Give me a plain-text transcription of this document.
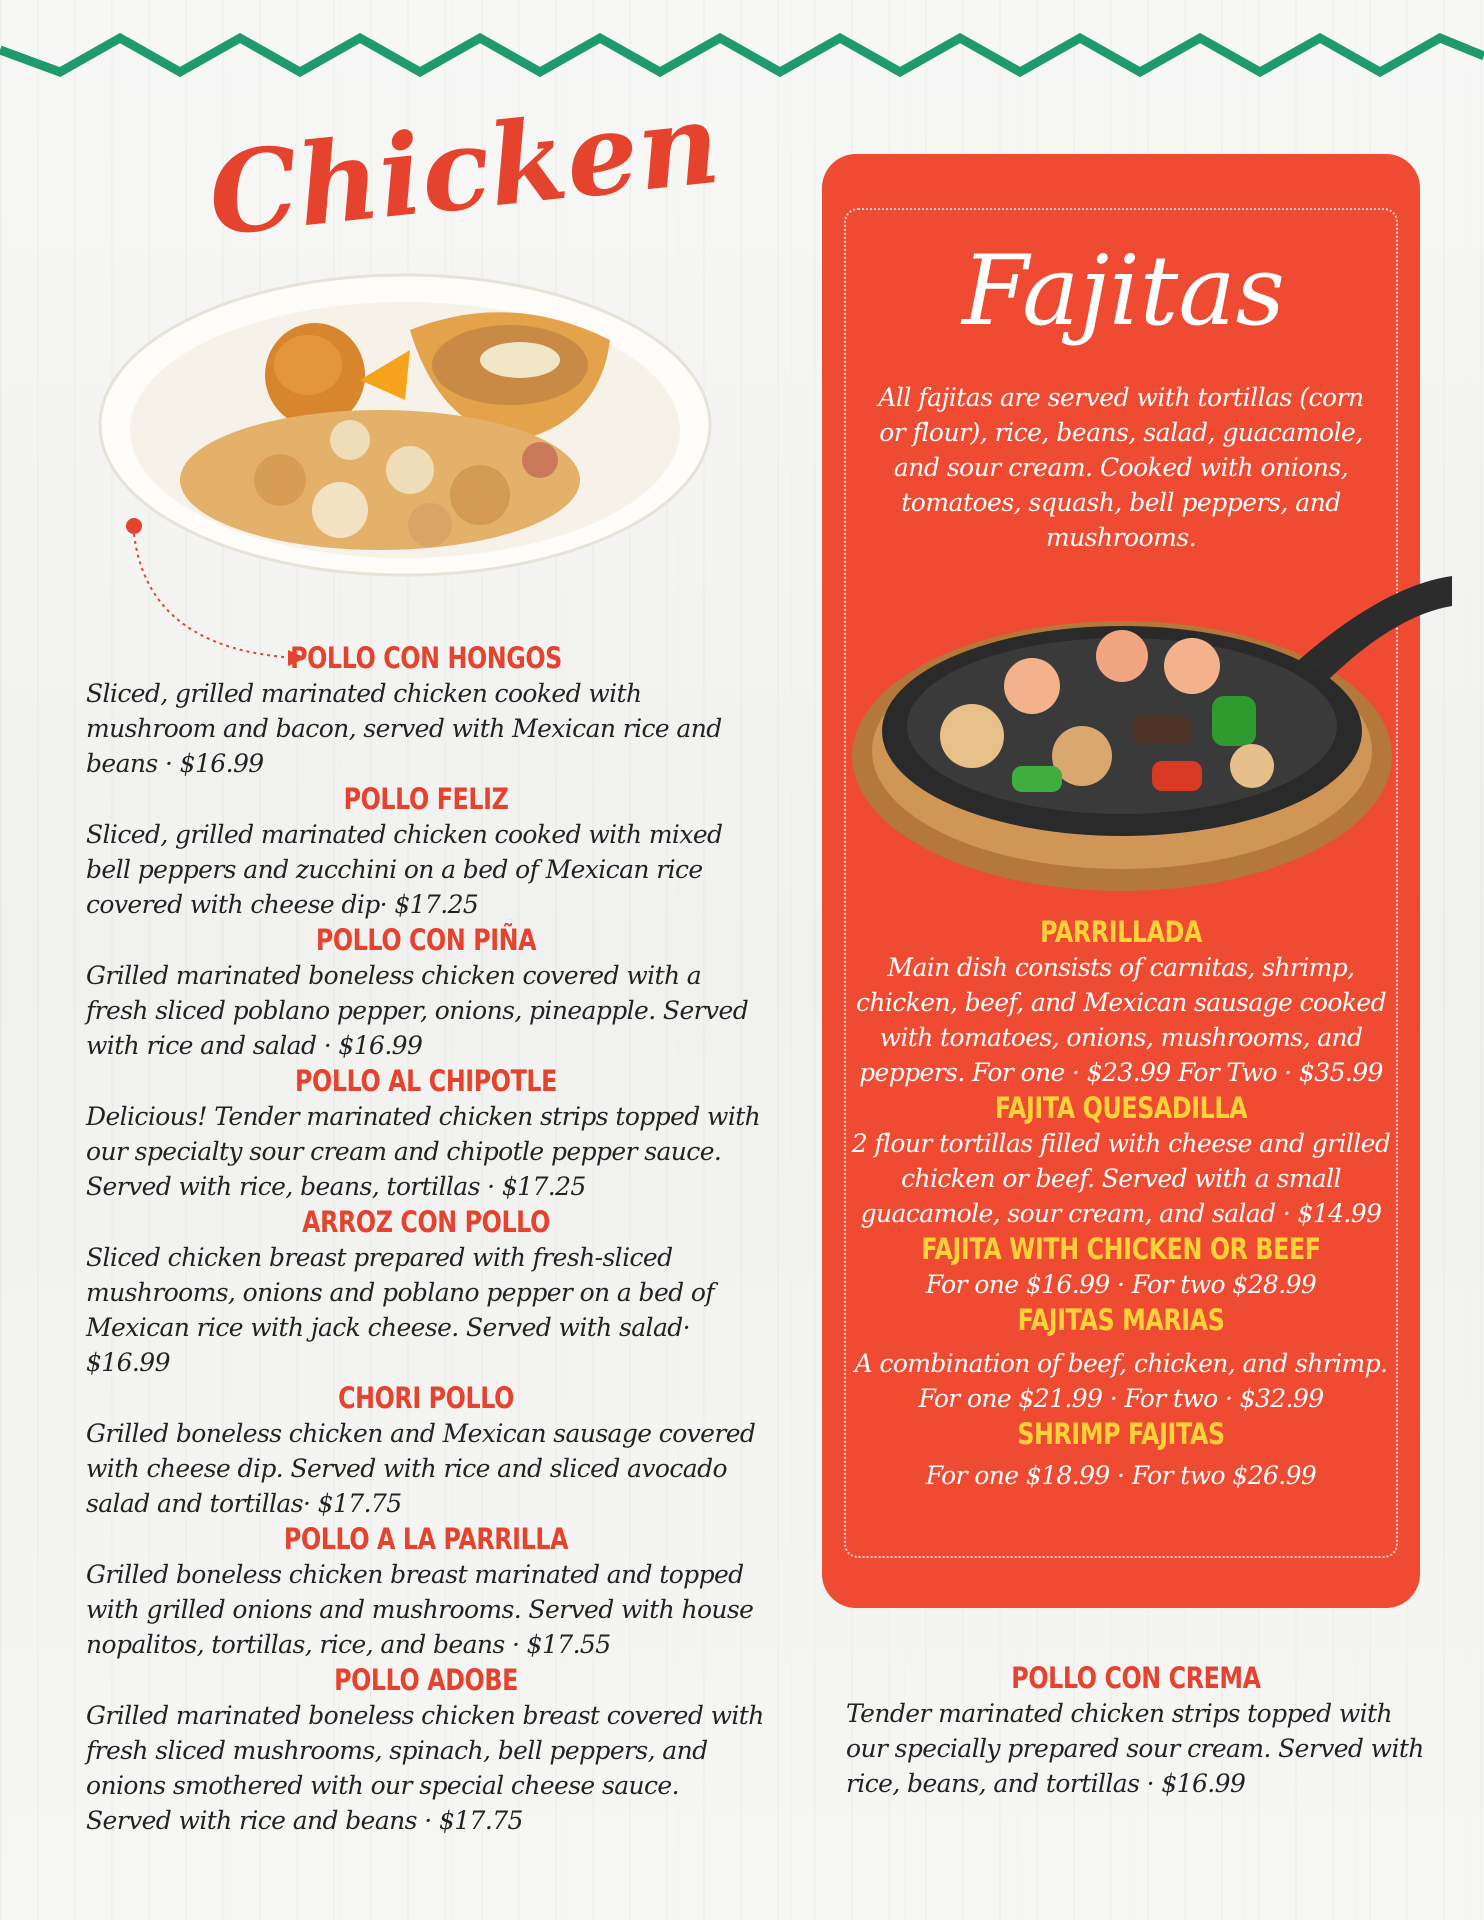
Chicken
POLLO CON HONGOS
Sliced, grilled marinated chicken cooked with mushroom and bacon, served with Mexican rice and beans · $16.99
POLLO FELIZ
Sliced, grilled marinated chicken cooked with mixed bell peppers and zucchini on a bed of Mexican rice covered with cheese dip· $17.25
POLLO CON PIÑA
Grilled marinated boneless chicken covered with a fresh sliced poblano pepper, onions, pineapple. Served with rice and salad · $16.99
POLLO AL CHIPOTLE
Delicious! Tender marinated chicken strips topped with our specialty sour cream and chipotle pepper sauce. Served with rice, beans, tortillas · $17.25
ARROZ CON POLLO
Sliced chicken breast prepared with fresh-sliced mushrooms, onions and poblano pepper on a bed of Mexican rice with jack cheese. Served with salad· $16.99
CHORI POLLO
Grilled boneless chicken and Mexican sausage covered with cheese dip. Served with rice and sliced avocado salad and tortillas· $17.75
POLLO A LA PARRILLA
Grilled boneless chicken breast marinated and topped with grilled onions and mushrooms. Served with house nopalitos, tortillas, rice, and beans · $17.55
POLLO ADOBE
Grilled marinated boneless chicken breast covered with fresh sliced mushrooms, spinach, bell peppers, and onions smothered with our special cheese sauce. Served with rice and beans · $17.75
Fajitas
All fajitas are served with tortillas (corn or flour), rice, beans, salad, guacamole, and sour cream. Cooked with onions, tomatoes, squash, bell peppers, and mushrooms.
PARRILLADA
Main dish consists of carnitas, shrimp, chicken, beef, and Mexican sausage cooked with tomatoes, onions, mushrooms, and peppers. For one · $23.99 For Two · $35.99
FAJITA QUESADILLA
2 flour tortillas filled with cheese and grilled chicken or beef. Served with a small guacamole, sour cream, and salad · $14.99
FAJITA WITH CHICKEN OR BEEF
For one $16.99 · For two $28.99
FAJITAS MARIAS
A combination of beef, chicken, and shrimp. For one $21.99 · For two · $32.99
SHRIMP FAJITAS
For one $18.99 · For two $26.99
POLLO CON CREMA
Tender marinated chicken strips topped with our specially prepared sour cream. Served with rice, beans, and tortillas · $16.99
